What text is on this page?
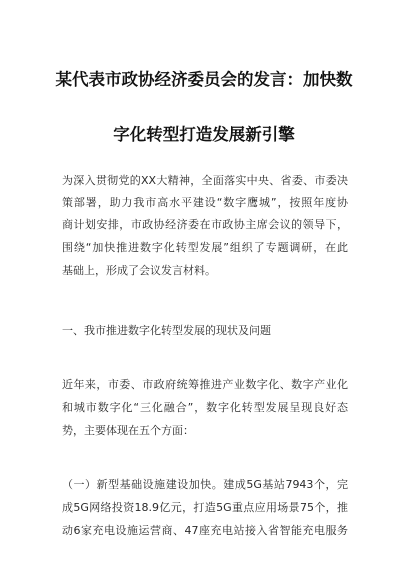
某代表市政协经济委员会的发言：加快数
字化转型打造发展新引擎
为深入贯彻党的XX大精神，全面落实中央、省委、市委决
策部署，助力我市高水平建设“数字鹰城”，按照年度协
商计划安排，市政协经济委在市政协主席会议的领导下，
围绕“加快推进数字化转型发展”组织了专题调研，在此
基础上，形成了会议发言材料。
一、我市推进数字化转型发展的现状及问题
近年来，市委、市政府统筹推进产业数字化、数字产业化
和城市数字化“三化融合”，数字化转型发展呈现良好态
势，主要体现在五个方面：
（一）新型基础设施建设加快。建成5G基站7943个，完
成5G网络投资18.9亿元，打造5G重点应用场景75个，推
动6家充电设施运营商、47座充电站接入省智能充电服务
